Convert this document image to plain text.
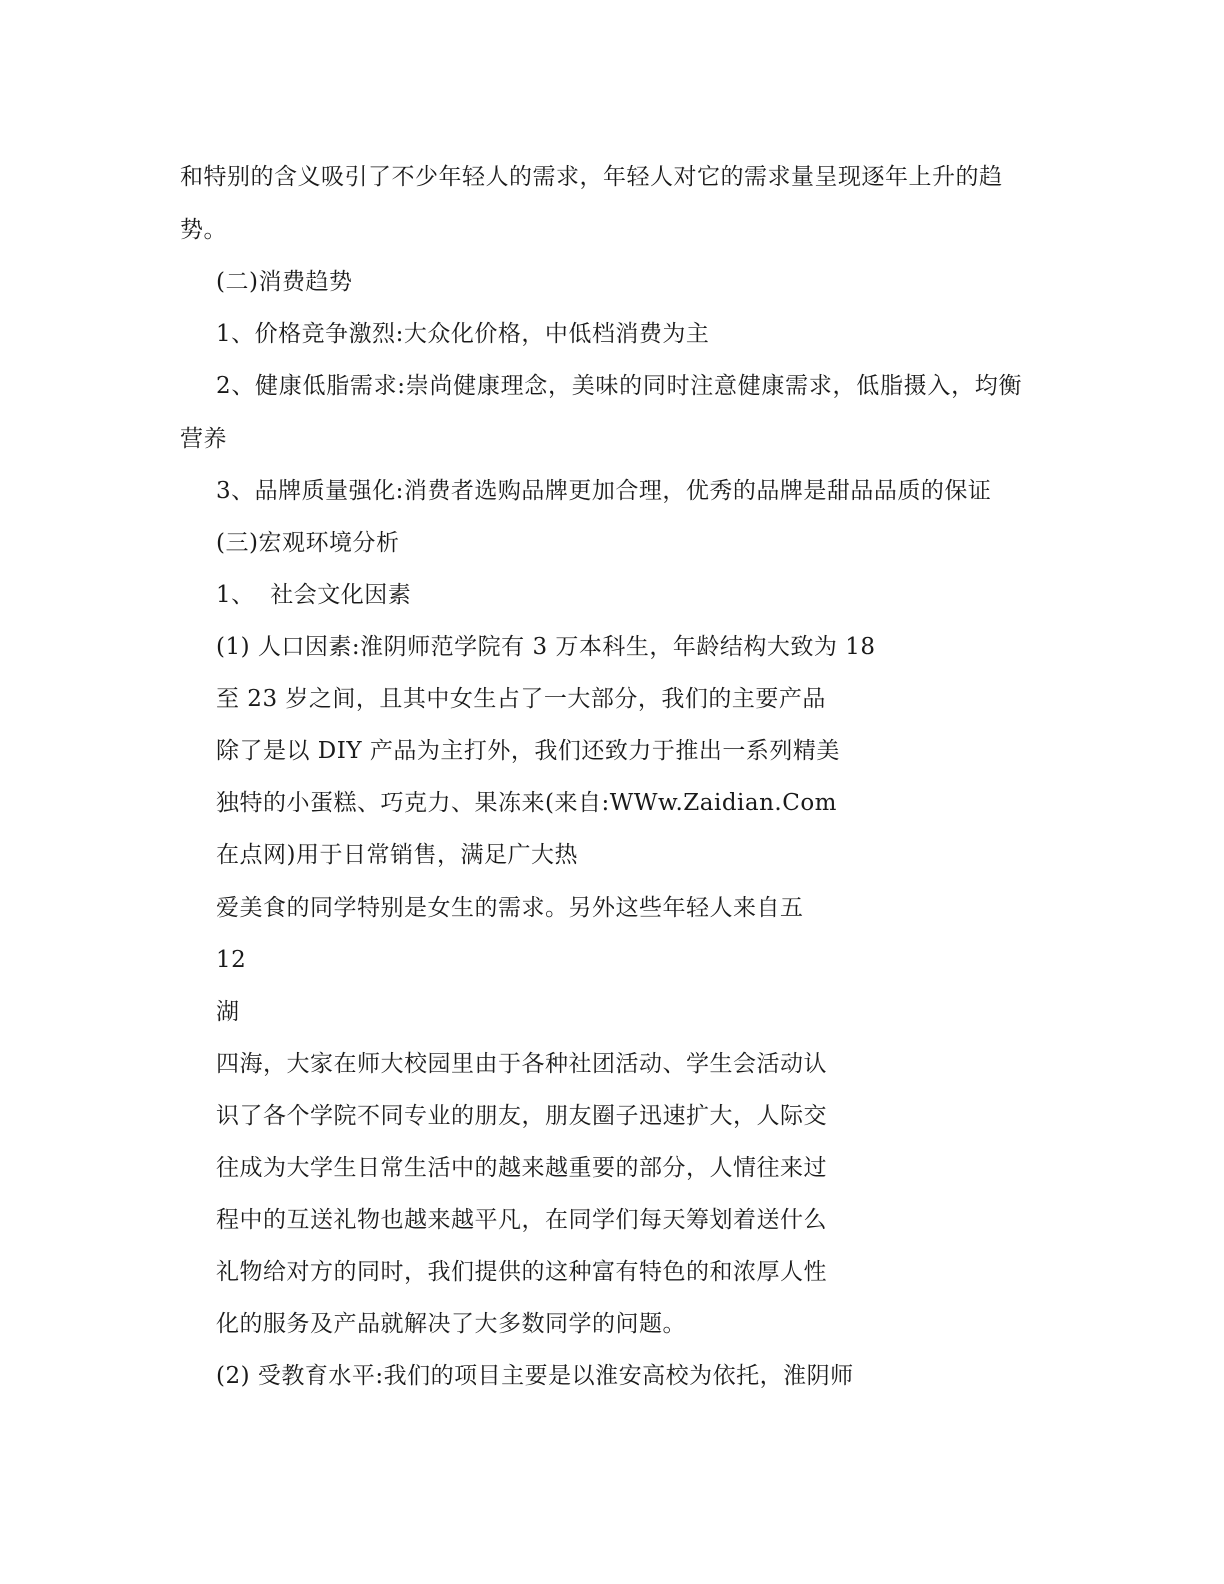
和特别的含义吸引了不少年轻人的需求，年轻人对它的需求量呈现逐年上升的趋
势。
(二)消费趋势
1、价格竞争激烈:大众化价格，中低档消费为主
2、健康低脂需求:崇尚健康理念，美味的同时注意健康需求，低脂摄入，均衡
营养
3、品牌质量强化:消费者选购品牌更加合理，优秀的品牌是甜品品质的保证
(三)宏观环境分析
1、  社会文化因素
(1) 人口因素:淮阴师范学院有 3 万本科生，年龄结构大致为 18
至 23 岁之间，且其中女生占了一大部分，我们的主要产品
除了是以 DIY 产品为主打外，我们还致力于推出一系列精美
独特的小蛋糕、巧克力、果冻来(来自:WWw.Zaidian.Com
在点网)用于日常销售，满足广大热
爱美食的同学特别是女生的需求。另外这些年轻人来自五
12
湖
四海，大家在师大校园里由于各种社团活动、学生会活动认
识了各个学院不同专业的朋友，朋友圈子迅速扩大，人际交
往成为大学生日常生活中的越来越重要的部分，人情往来过
程中的互送礼物也越来越平凡，在同学们每天筹划着送什么
礼物给对方的同时，我们提供的这种富有特色的和浓厚人性
化的服务及产品就解决了大多数同学的问题。
(2) 受教育水平:我们的项目主要是以淮安高校为依托，淮阴师
